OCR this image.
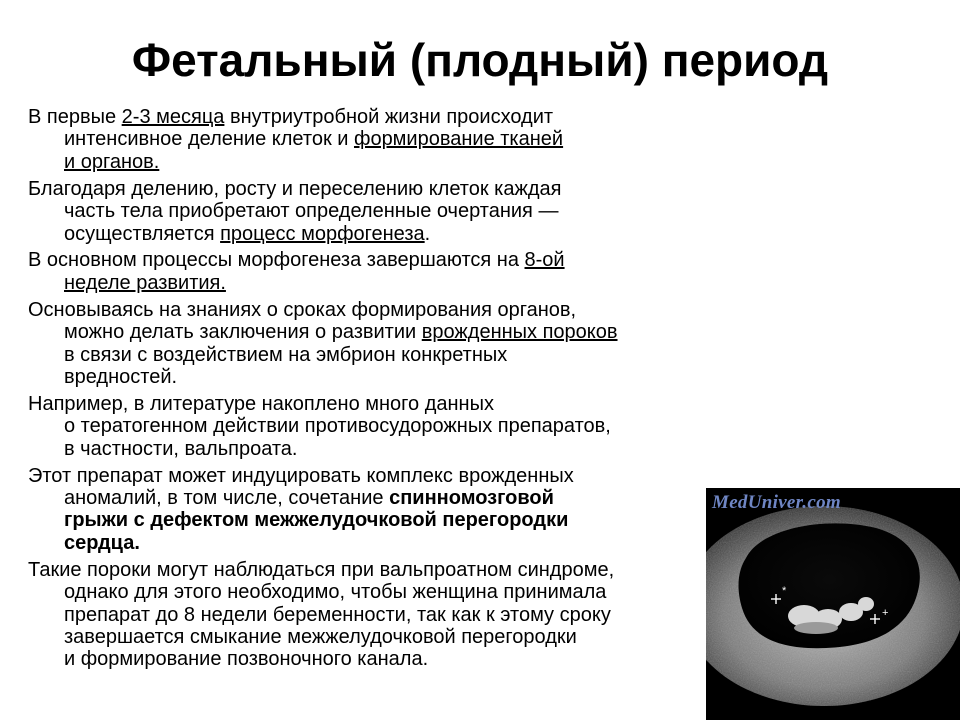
Фетальный (плодный) период
В первые 2-3 месяца внутриутробной жизни происходит
интенсивное деление клеток и формирование тканей
и органов.
Благодаря делению, росту и переселению клеток каждая
часть тела приобретают определенные очертания —
осуществляется процесс морфогенеза.
В основном процессы морфогенеза завершаются на 8-ой
неделе развития.
Основываясь на знаниях о сроках формирования органов,
можно делать заключения о развитии врожденных пороков
в связи с воздействием на эмбрион конкретных
вредностей.
Например, в литературе накоплено много данных
о тератогенном действии противосудорожных препаратов,
в частности, вальпроата.
Этот препарат может индуцировать комплекс врожденных
аномалий, в том числе, сочетание спинномозговой
грыжи с дефектом межжелудочковой перегородки
сердца.
Такие пороки могут наблюдаться при вальпроатном синдроме,
однако для этого необходимо, чтобы женщина принимала
препарат до 8 недели беременности, так как к этому сроку
завершается смыкание межжелудочковой перегородки
и формирование позвоночного канала.
*
+
MedUniver.com
